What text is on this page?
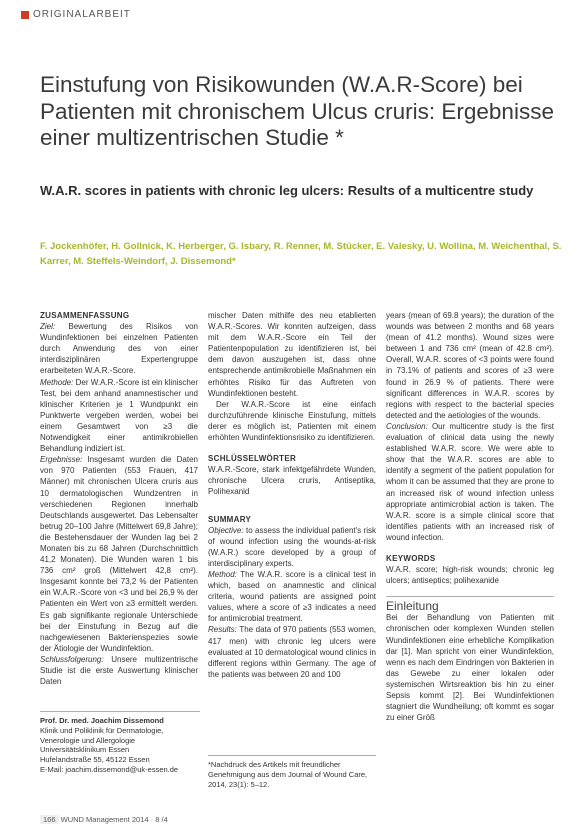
ORIGINALARBEIT
Einstufung von Risikowunden (W.A.R-Score) bei Patienten mit chronischem Ulcus cruris: Ergebnisse einer multizentrischen Studie *
W.A.R. scores in patients with chronic leg ulcers: Results of a multicentre study
F. Jockenhöfer, H. Gollnick, K. Herberger, G. Isbary, R. Renner, M. Stücker, E. Valesky, U. Wollina, M. Weichenthal, S. Karrer, M. Steffels-Weindorf, J. Dissemond*
ZUSAMMENFASSUNG

Ziel: Bewertung des Risikos von Wundinfektionen bei einzelnen Patienten durch Anwendung des von einer interdisziplinären Expertengruppe erarbeiteten W.A.R.-Score.

Methode: Der W.A.R.-Score ist ein klinischer Test, bei dem anhand anamnestischer und klinischer Kriterien je 1 Wundpunkt ein Punktwerte vergeben werden, wobei bei einem Gesamtwert von ≥3 die Notwendigkeit einer antimikrobiellen Behandlung indiziert ist.

Ergebnisse: Insgesamt wurden die Daten von 970 Patienten (553 Frauen, 417 Männer) mit chronischen Ulcera cruris aus 10 dermatologischen Wundzentren in verschiedenen Regionen innerhalb Deutschlands ausgewertet. Das Lebensalter betrug 20–100 Jahre (Mittelwert 69,8 Jahre); die Bestehensdauer der Wunden lag bei 2 Monaten bis zu 68 Jahren (Durchschnittlich 41,2 Monaten). Die Wunden waren 1 bis 736 cm² groß (Mittelwert 42,8 cm²). Insgesamt konnte bei 73,2 % der Patienten ein W.A.R.-Score von <3 und bei 26,9 % der Patienten ein Wert von ≥3 ermittelt werden. Es gab signifikante regionale Unterschiede bei der Einstufung in Bezug auf die nachgewiesenen Bakterienspezies sowie der Ätiologie der Wundinfektion.

Schlussfolgerung: Unsere multizentrische Studie ist die erste Auswertung klinischer Daten

Prof. Dr. med. Joachim Dissemond
Klinik und Poliklinik für Dermatologie,
Venerologie und Allergologie
Universitätsklinikum Essen
Hufelandstraße 55, 45122 Essen
E-Mail: joachim.dissemond@uk-essen.de

mischer Daten mithilfe des neu etablierten W.A.R.-Scores. Wir konnten aufzeigen, dass mit dem W.A.R.-Score ein Teil der Patientenpopulation zu identifizieren ist, bei dem davon auszugehen ist, dass ohne entsprechende antimikrobielle Maßnahmen ein erhöhtes Risiko für das Auftreten von Wundinfektionen besteht.

Der W.A.R.-Score ist eine einfach durchzuführende klinische Einstufung, mittels derer es möglich ist, Patienten mit einem erhöhten Wundinfektionsrisiko zu identifizieren.

SCHLÜSSELWÖRTER

W.A.R.-Score, stark infektgefährdete Wunden, chronische Ulcera cruris, Antiseptika, Polihexanid

SUMMARY

Objective: to assess the individual patient's risk of wound infection using the wounds-at-risk (W.A.R.) score developed by a group of interdisciplinary experts.

Method: The W.A.R. score is a clinical test in which, based on anamnestic and clinical criteria, wound patients are assigned point values, where a score of ≥3 indicates a need for antimicrobial treatment.

Results: The data of 970 patients (553 women, 417 men) with chronic leg ulcers were evaluated at 10 dermatological wound clinics in different regions within Germany. The age of the patients was between 20 and 100

*Nachdruck des Artikels mit freundlicher Genehmigung aus dem Journal of Wound Care, 2014, 23(1): 5–12.

years (mean of 69.8 years); the duration of the wounds was between 2 months and 68 years (mean of 41.2 months). Wound sizes were between 1 and 736 cm² (mean of 42.8 cm²). Overall, W.A.R. scores of <3 points were found in 73.1% of patients and scores of ≥3 were found in 26.9 % of patients. There were significant differences in W.A.R. scores by regions with respect to the bacterial species detected and the aetiologies of the wounds.

Conclusion: Our multicentre study is the first evaluation of clinical data using the newly established W.A.R. score. We were able to show that the W.A.R. scores are able to identify a segment of the patient population for whom it can be assumed that they are prone to an increased risk of wound infection unless appropriate antimicrobial action is taken. The W.A.R. score is a simple clinical score that identifies patients with an increased risk of wound infection.

KEYWORDS

W.A.R. score; high-risk wounds; chronic leg ulcers; antiseptics; polihexanide

Einleitung

Bei der Behandlung von Patienten mit chronischen oder komplexen Wunden stellen Wundinfektionen eine erhebliche Komplikation dar [1]. Man spricht von einer Wundinfektion, wenn es nach dem Eindringen von Bakterien in das Gewebe zu einer lokalen oder systemischen Wirtsreaktion bis hin zu einer Sepsis kommt [2]. Bei Wundinfektionen stagniert die Wundheilung; oft kommt es sogar zu einer Größ

166 WUND Management 2014 · 8 /4
